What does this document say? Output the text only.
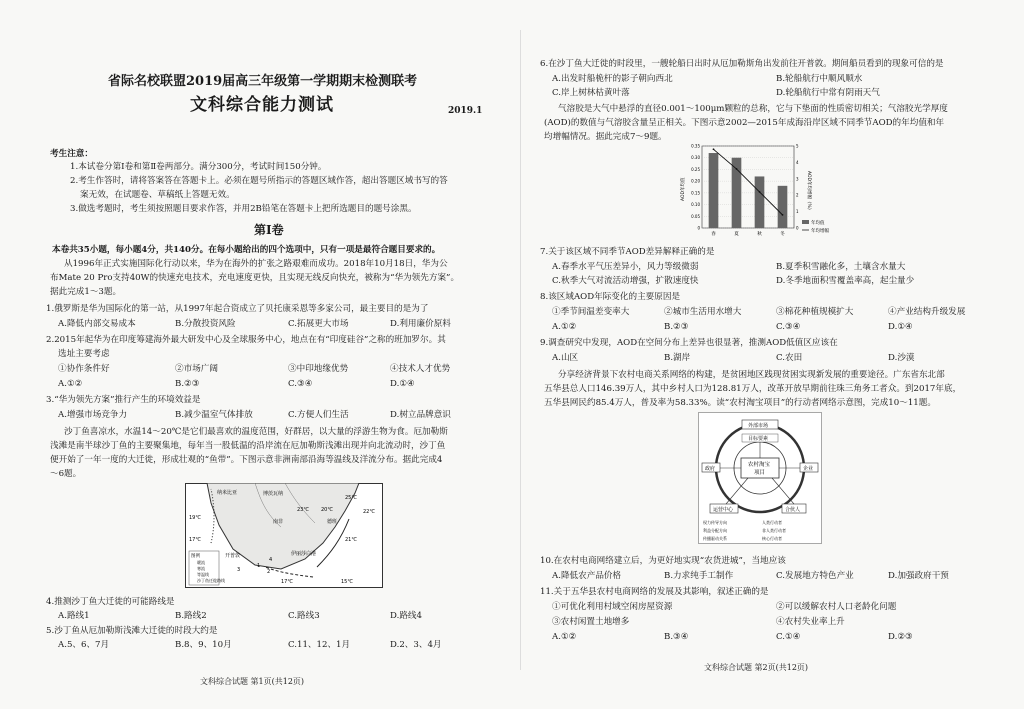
省际名校联盟2019届高三年级第一学期期末检测联考
文科综合能力测试	2019.1
考生注意：
1.本试卷分第Ⅰ卷和第Ⅱ卷两部分。满分300分，考试时间150分钟。
2.考生作答时，请将答案答在答题卡上。必须在题号所指示的答题区域作答，超出答题区域书写的答
案无效，在试题卷、草稿纸上答题无效。
3.做选考题时，考生须按照题目要求作答，并用2B铅笔在答题卡上把所选题目的题号涂黑。
第Ⅰ卷
本卷共35小题，每小题4分，共140分。在每小题给出的四个选项中，只有一项是最符合题目要求的。
从1996年正式实施国际化行动以来，华为在海外的扩张之路艰难而成功。2018年10月18日，华为公
布Mate 20 Pro支持40W的快速充电技术，充电速度更快，且实现无线反向快充，被称为“华为领先方案”。
据此完成1～3题。
1.俄罗斯是华为国际化的第一站，从1997年起合资成立了贝托康采恩等多家公司，最主要目的是为了
A.降低内部交易成本	B.分散投资风险	C.拓展更大市场	D.利用廉价原料
2.2015年起华为在印度筹建海外最大研发中心及全球服务中心，地点在有“印度硅谷”之称的班加罗尔。其
选址主要考虑
①协作条件好	②市场广阔	③中印地缘优势	④技术人才优势
A.①②	B.②③	C.③④	D.①④
3.“华为领先方案”推行产生的环境效益是
A.增强市场竞争力	B.减少温室气体排放	C.方便人们生活	D.树立品牌意识
沙丁鱼喜凉水，水温14～20℃是它们最喜欢的温度范围，好群居，以大量的浮游生物为食。厄加勒斯
浅滩是南半球沙丁鱼的主要聚集地，每年当一股低温的沿岸流在厄加勒斯浅滩出现并向北流动时，沙丁鱼
便开始了一年一度的大迁徙，形成壮观的“鱼带”。下图示意非洲南部沿海等温线及洋流分布。据此完成4
～6题。
纳米比亚	博茨瓦纳
南非	德班
开普敦	伊丽莎白港
25℃
23℃
21℃
19℃
17℃
15℃
17℃
20℃	22℃
1
2
3
4
图例
暖流
寒流
等温线
沙丁鱼迁徙路线
4.推测沙丁鱼大迁徙的可能路线是
A.路线1	B.路线2	C.路线3	D.路线4
5.沙丁鱼从厄加勒斯浅滩大迁徙的时段大约是
A.5、6、7月	B.8、9、10月	C.11、12、1月	D.2、3、4月
文科综合试题 第1页(共12页)
6.在沙丁鱼大迁徙的时段里，一艘轮船日出时从厄加勒斯角出发前往开普敦。期间船员看到的现象可信的是
A.出发时船桅杆的影子朝向西北	B.轮船航行中顺风顺水
C.岸上树林枯黄叶落	D.轮船航行中常有阴雨天气
气溶胶是大气中悬浮的直径0.001～100μm颗粒的总称，它与下垫面的性质密切相关；气溶胶光学厚度
(AOD)的数值与气溶胶含量呈正相关。下图示意2002—2015年成海沿岸区域不同季节AOD的年均值和年
均增幅情况。据此完成7～9题。
AOD年均值	AOD年均增幅（%）
0
0.05
0.10
0.15
0.20
0.25
0.30
0.35
0
1
2
3
4
5
春	夏	秋	冬
年均值
年均增幅
7.关于该区域不同季节AOD差异解释正确的是
A.春季水平气压差异小，风力等级微弱	B.夏季积雪融化多，土壤含水量大
C.秋季大气对流活动增强，扩散速度快	D.冬季地面积雪覆盖率高，起尘量少
8.该区域AOD年际变化的主要原因是
①季节间温差变率大	②城市生活用水增大	③棉花种植规模扩大	④产业结构升级发展
A.①②	B.②③	C.③④	D.①④
9.调查研究中发现，AOD在空间分布上差异也很显著，推测AOD低值区应该在
A.山区	B.湖岸	C.农田	D.沙漠
分享经济背景下农村电商关系网络的构建，是贫困地区践现贫困实现新发展的重要途径。广东省东北部
五华县总人口146.39万人，其中乡村人口为128.81万人，改革开放早期前往珠三角务工者众。到2017年底，
五华县网民约85.4万人，普及率为58.33%。读“农村淘宝项目”的行动者网络示意图，完成10～11题。
外部市场
目标要素
农村淘宝
项目
政府	企业
运营中心	合伙人
权力传导方向	人类行动者
利益分配方向	非人类行动者
传播驱动关系	核心行动者
10.在农村电商网络建立后，为更好地实现“农货进城”，当地应该
A.降低农产品价格	B.力求纯手工制作	C.发展地方特色产业	D.加强政府干预
11.关于五华县农村电商网络的发展及其影响，叙述正确的是
①可优化利用村域空闲房屋资源	②可以缓解农村人口老龄化问题
③农村闲置土地增多	④农村失业率上升
A.①②	B.③④	C.①④	D.②③
文科综合试题 第2页(共12页)
